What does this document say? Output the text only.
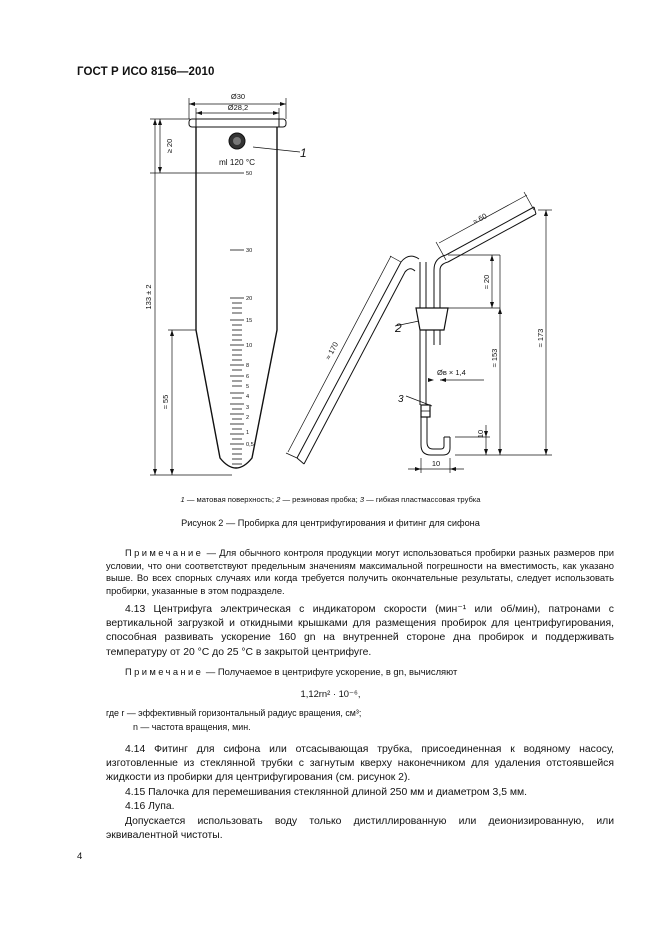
ГОСТ Р ИСО 8156—2010
Ø30
Ø28,2
ml 120 °C
1
≥ 20
133 ± 2
≈ 55
50
30
20
15
10
8
6
5
4
3
2
1
0,5
≈ 170
≈ 60
≈ 20
≈ 153
≈ 173
10
10
Øв × 1,4
2
3
1 — матовая поверхность; 2 — резиновая пробка; 3 — гибкая пластмассовая трубка
Рисунок 2 — Пробирка для центрифугирования и фитинг для сифона
Примечание — Для обычного контроля продукции могут использоваться пробирки разных размеров при условии, что они соответствуют предельным значениям максимальной погрешности на вместимость, как указано выше. Во всех спорных случаях или когда требуется получить окончательные результаты, следует использовать пробирки, указанные в этом подразделе.
4.13 Центрифуга электрическая с индикатором скорости (мин⁻¹ или об/мин), патронами с вертикальной загрузкой и откидными крышками для размещения пробирок для центрифугирования, способная развивать ускорение 160 gn на внутренней стороне дна пробирок и поддерживать температуру от 20 °C до 25 °C в закрытой центрифуге.
Примечание — Получаемое в центрифуге ускорение, в gn, вычисляют
1,12rn² · 10⁻⁶,
где r — эффективный горизонтальный радиус вращения, см³;
n — частота вращения, мин.
4.14 Фитинг для сифона или отсасывающая трубка, присоединенная к водяному насосу, изготовленные из стеклянной трубки с загнутым кверху наконечником для удаления отстоявшейся жидкости из пробирки для центрифугирования (см. рисунок 2).
4.15 Палочка для перемешивания стеклянной длиной 250 мм и диаметром 3,5 мм.
4.16 Лупа.
Допускается использовать воду только дистиллированную или деионизированную, или эквивалентной чистоты.
4
